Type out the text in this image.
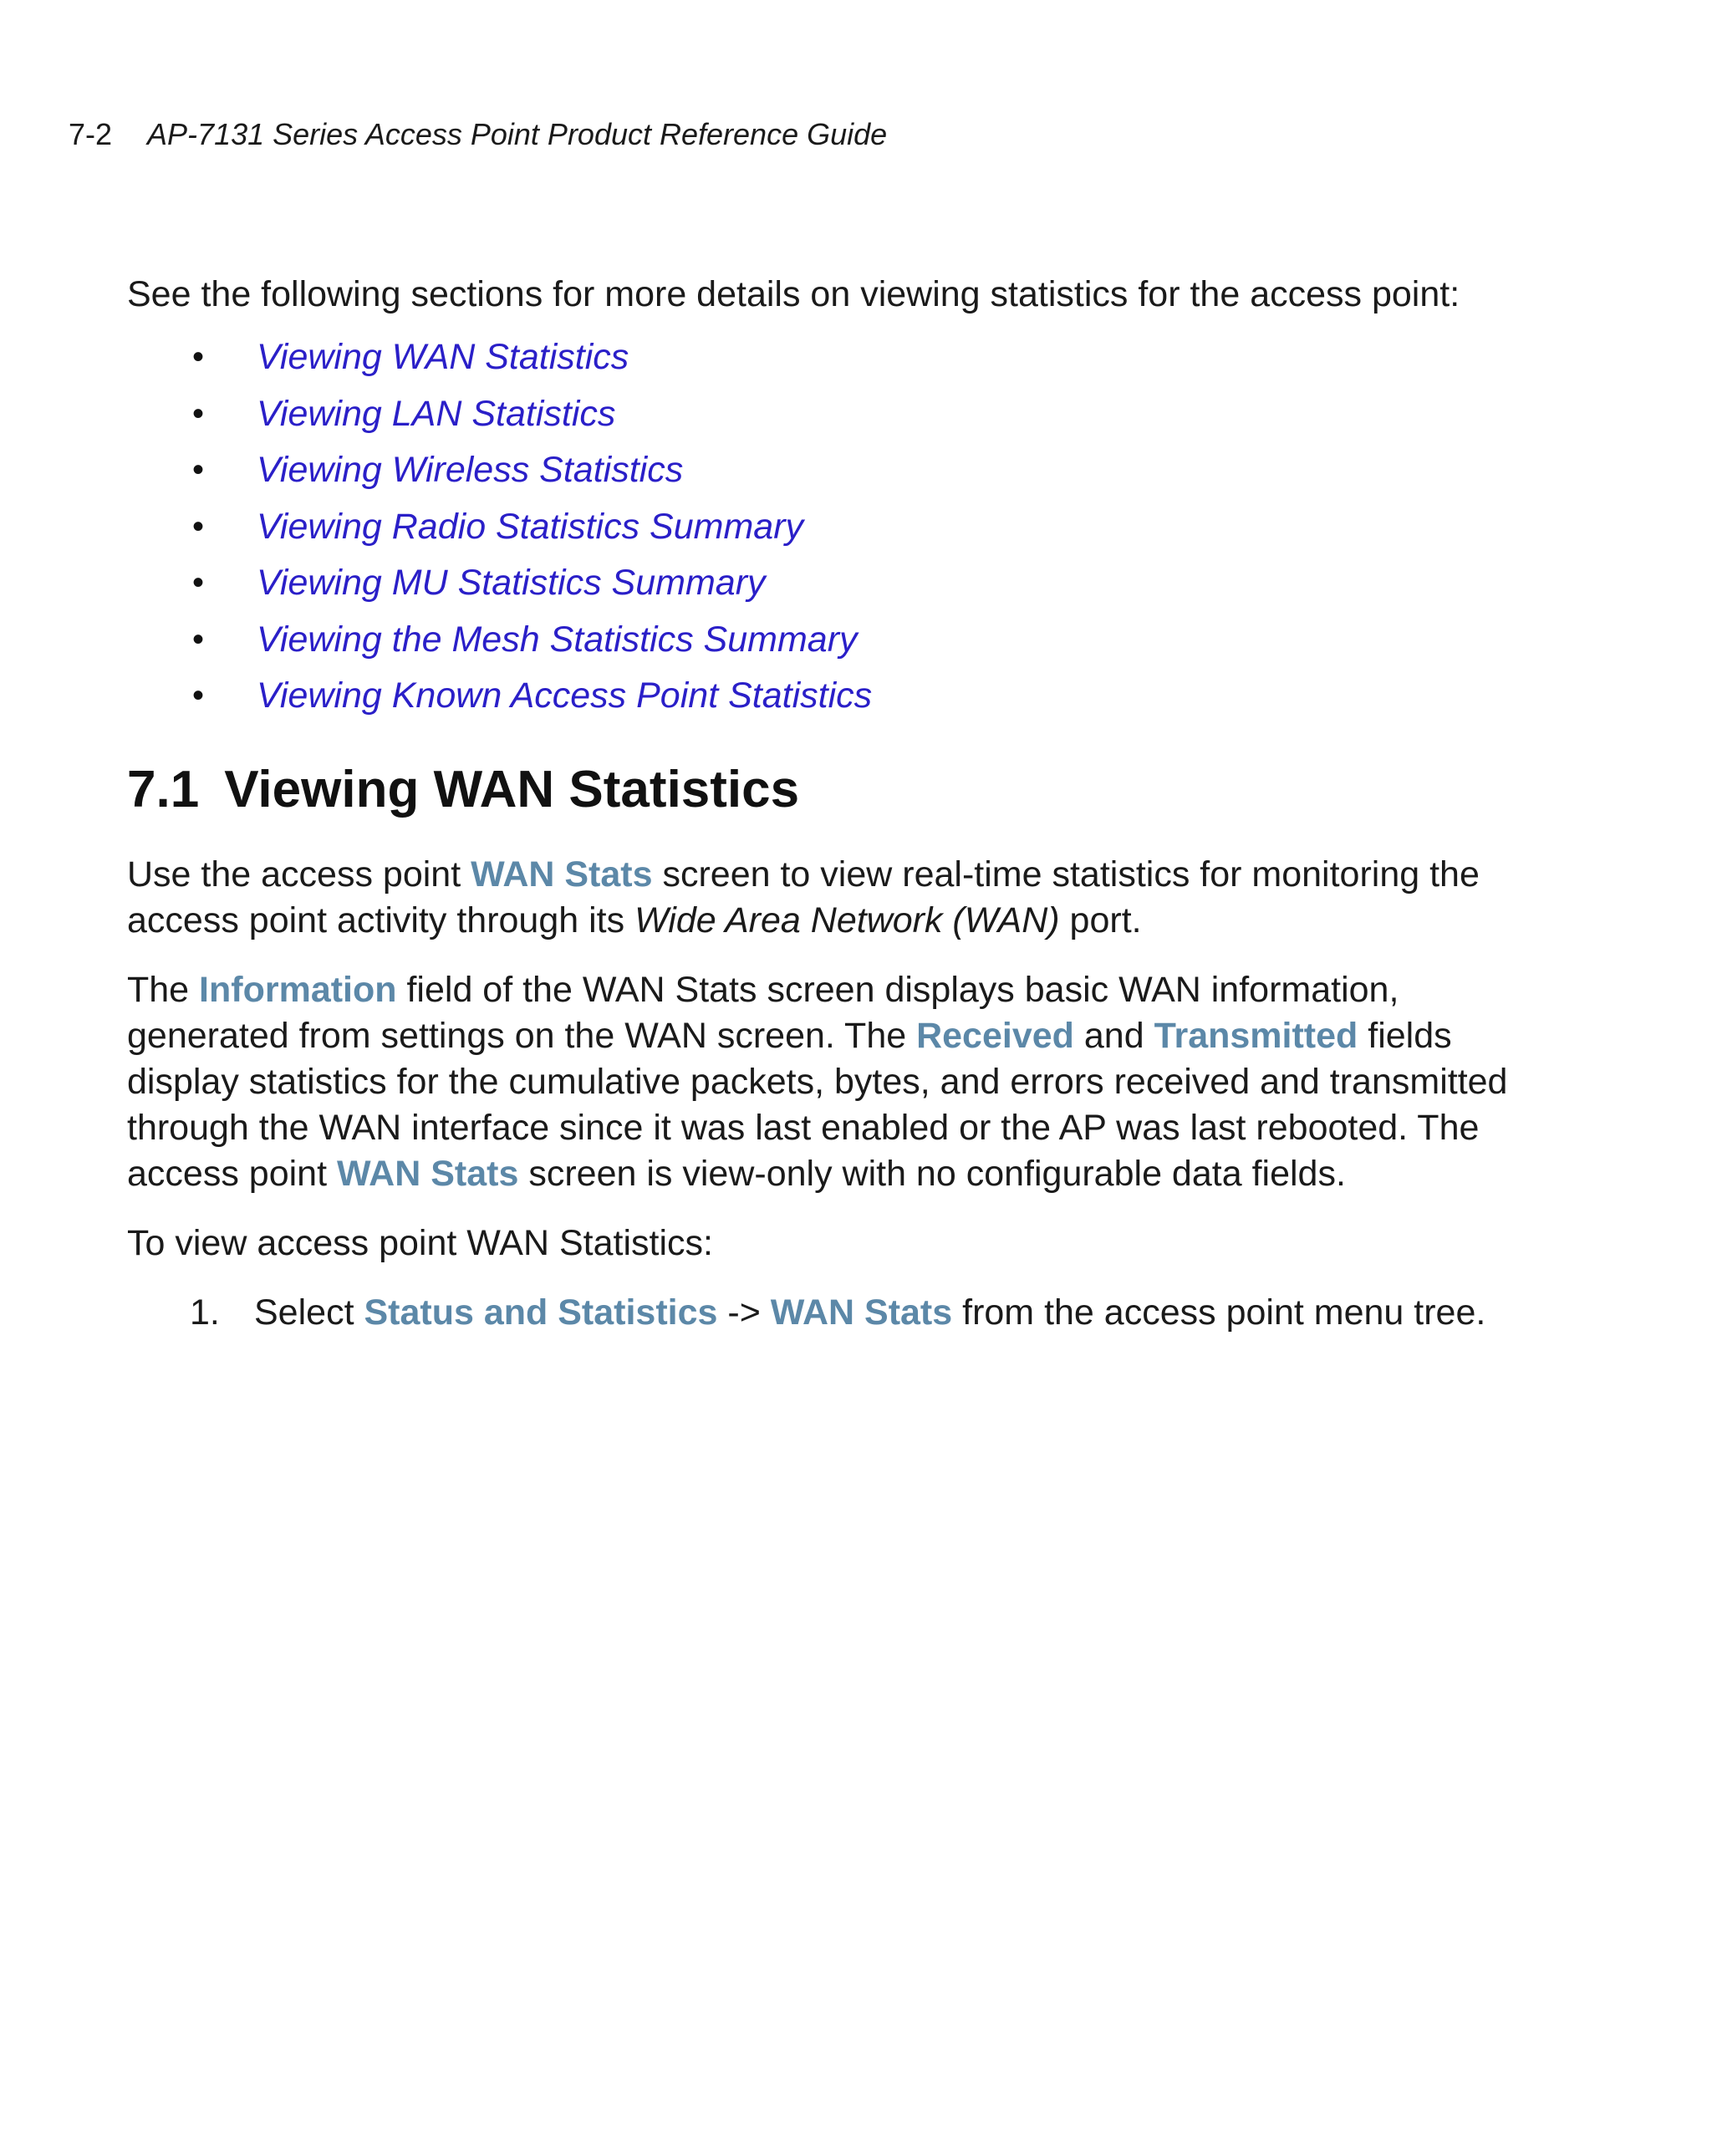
7-2 AP-7131 Series Access Point Product Reference Guide

See the following sections for more details on viewing statistics for the access point:

• Viewing WAN Statistics
• Viewing LAN Statistics
• Viewing Wireless Statistics
• Viewing Radio Statistics Summary
• Viewing MU Statistics Summary
• Viewing the Mesh Statistics Summary
• Viewing Known Access Point Statistics
7.1 Viewing WAN Statistics

Use the access point WAN Stats screen to view real-time statistics for monitoring the access point activity through its Wide Area Network (WAN) port.

The Information field of the WAN Stats screen displays basic WAN information, generated from settings on the WAN screen. The Received and Transmitted fields display statistics for the cumulative packets, bytes, and errors received and transmitted through the WAN interface since it was last enabled or the AP was last rebooted. The access point WAN Stats screen is view-only with no configurable data fields.

To view access point WAN Statistics:

1. Select Status and Statistics -> WAN Stats from the access point menu tree.
